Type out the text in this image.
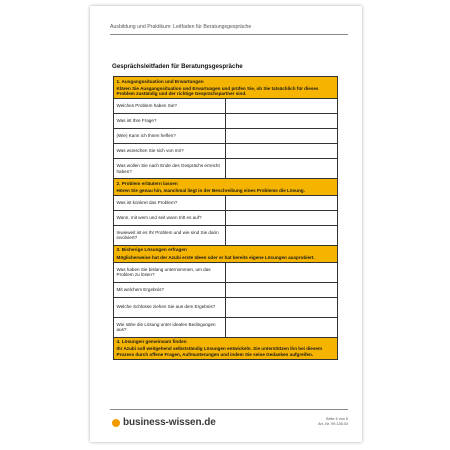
Ausbildung und Praktikum: Leitfaden für Beratungsgespräche
Gesprächsleitfaden für Beratungsgespräche
1. Ausgangssituation und Erwartungen
Klären Sie Ausgangssituation und Erwartungen und prüfen Sie, ob Sie tatsächlich für dieses Problem zuständig und der richtige Gesprächspartner sind.	

Welches Problem haben Sie?	
Was ist Ihre Frage?	
(Wie) Kann ich Ihnen helfen?	
Was wünschen Sie sich von mir?	
Was wollen Sie nach Ende des Gesprächs erreicht haben?	

2. Problem erläutern lassen
Hören Sie genau hin, manchmal liegt in der Beschreibung eines Problems die Lösung.	

Was ist konkret das Problem?	
Wann, mit wem und seit wann tritt es auf?	
Inwieweit ist es Ihr Problem und wie sind Sie darin involviert?	

3. Bisherige Lösungen erfragen
Möglicherweise hat der Azubi erste Ideen oder er hat bereits eigene Lösungen ausprobiert.	

Was haben Sie bislang unternommen, um das Problem zu lösen?	
Mit welchem Ergebnis?	
Welche Schlüsse ziehen Sie aus dem Ergebnis?	
Wie sähe die Lösung unter idealen Bedingungen aus?	

4. Lösungen gemeinsam finden
Ihr Azubi soll weitgehend selbstständig Lösungen entwickeln. Sie unterstützen ihn bei diesem Prozess durch offene Fragen, Aufmunterungen und indem Sie seine Gedanken aufgreifen.	
business-wissen.de	Seite 4 von 5
Art.-Nr. 99.135.03
